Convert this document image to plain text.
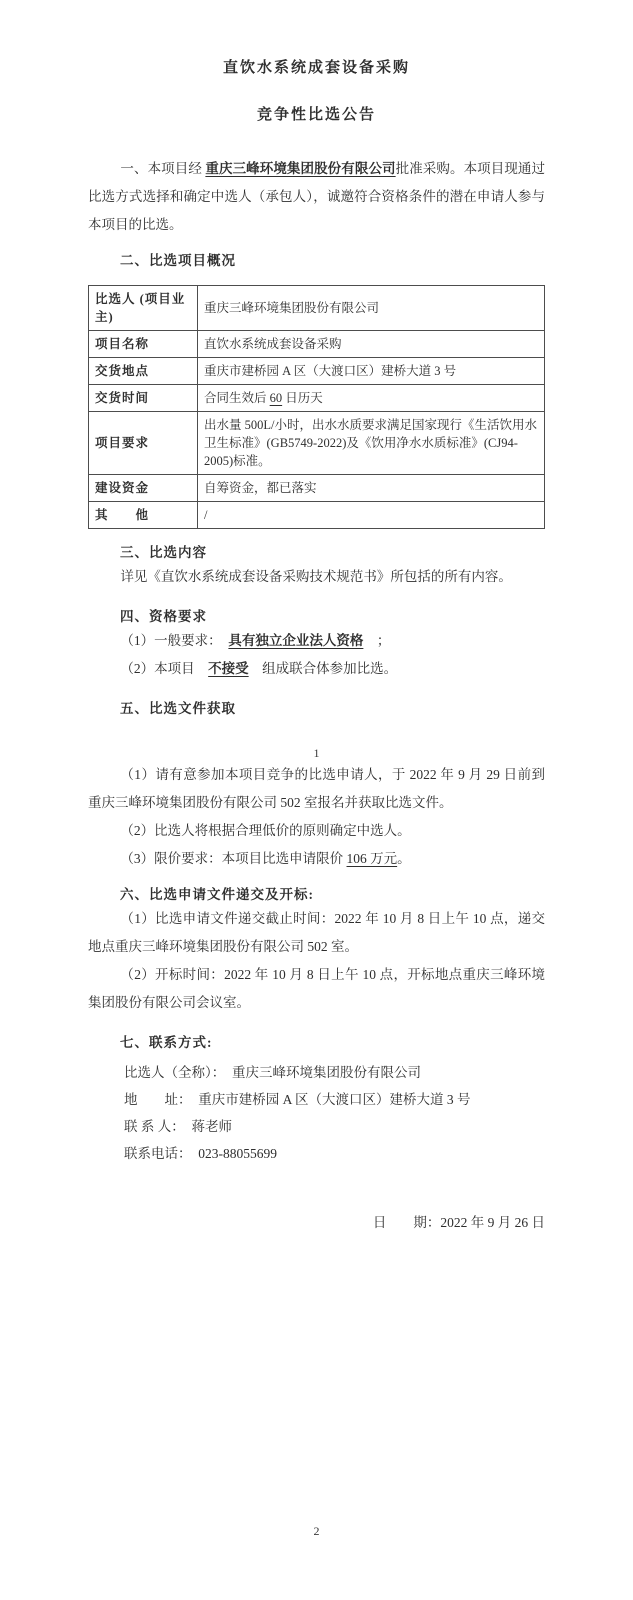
直饮水系统成套设备采购
竞争性比选公告

一、本项目经 重庆三峰环境集团股份有限公司批准采购。本项目现通过比选方式选择和确定中选人（承包人），诚邀符合资格条件的潜在申请人参与本项目的比选。

二、比选项目概况

比选人 (项目业主)	重庆三峰环境集团股份有限公司
项目名称	直饮水系统成套设备采购
交货地点	重庆市建桥园 A 区（大渡口区）建桥大道 3 号
交货时间	合同生效后 60 日历天
项目要求	出水量 500L/小时，出水水质要求满足国家现行《生活饮用水卫生标准》(GB5749-2022)及《饮用净水水质标准》(CJ94-2005)标准。
建设资金	自筹资金，都已落实
其　　他	/

三、比选内容

详见《直饮水系统成套设备采购技术规范书》所包括的所有内容。

四、资格要求

（1）一般要求：　具有独立企业法人资格　；

（2）本项目　不接受　组成联合体参加比选。

五、比选文件获取

1

（1）请有意参加本项目竞争的比选申请人，于 2022 年 9 月 29 日前到重庆三峰环境集团股份有限公司 502 室报名并获取比选文件。

（2）比选人将根据合理低价的原则确定中选人。

（3）限价要求：本项目比选申请限价 106 万元。

六、比选申请文件递交及开标:

（1）比选申请文件递交截止时间：2022 年 10 月 8 日上午 10 点，递交地点重庆三峰环境集团股份有限公司 502 室。

（2）开标时间：2022 年 10 月 8 日上午 10 点，开标地点重庆三峰环境集团股份有限公司会议室。

七、联系方式:

比选人（全称）：　重庆三峰环境集团股份有限公司

地　　址：　重庆市建桥园 A 区（大渡口区）建桥大道 3 号

联 系 人：　蒋老师

联系电话：　023-88055699

日　　期：2022 年 9 月 26 日

2
